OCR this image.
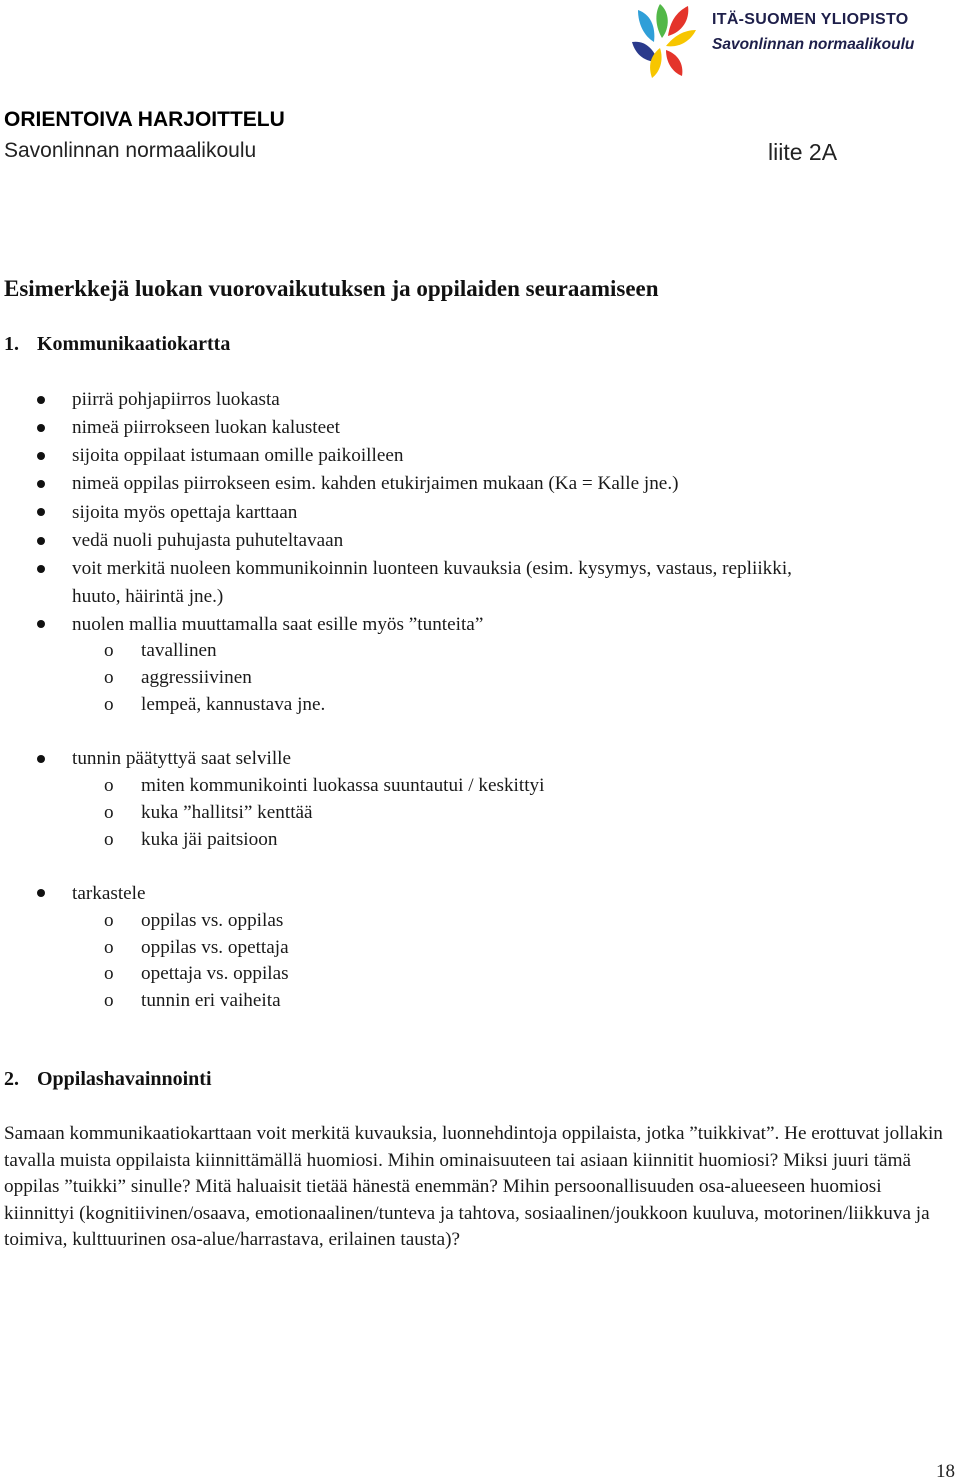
ITÄ-SUOMEN YLIOPISTO
Savonlinnan normaalikoulu
ORIENTOIVA HARJOITTELU
Savonlinnan normaalikoulu	liite 2A
Esimerkkejä luokan vuorovaikutuksen ja oppilaiden seuraamiseen
1. Kommunikaatiokartta
piirrä pohjapiirros luokasta
nimeä piirrokseen luokan kalusteet
sijoita oppilaat istumaan omille paikoilleen
nimeä oppilas piirrokseen esim. kahden etukirjaimen mukaan (Ka = Kalle jne.)
sijoita myös opettaja karttaan
vedä nuoli puhujasta puhuteltavaan
voit merkitä nuoleen kommunikoinnin luonteen kuvauksia (esim. kysymys, vastaus, repliikki,
huuto, häirintä jne.)
nuolen mallia muuttamalla saat esille myös ”tunteita”
o tavallinen
o aggressiivinen
o lempeä, kannustava jne.
tunnin päätyttyä saat selville
o miten kommunikointi luokassa suuntautui / keskittyi
o kuka ”hallitsi” kenttää
o kuka jäi paitsioon
tarkastele
o oppilas vs. oppilas
o oppilas vs. opettaja
o opettaja vs. oppilas
o tunnin eri vaiheita
2. Oppilashavainnointi
Samaan kommunikaatiokarttaan voit merkitä kuvauksia, luonnehdintoja oppilaista, jotka ”tuikkivat”. He erottuvat jollakin tavalla muista oppilaista kiinnittämällä huomiosi. Mihin ominaisuuteen tai asiaan kiinnitit huomiosi? Miksi juuri tämä oppilas ”tuikki” sinulle? Mitä haluaisit tietää hänestä enemmän? Mihin persoonallisuuden osa-alueeseen huomiosi kiinnittyi (kognitiivinen/osaava, emotionaalinen/tunteva ja tahtova, sosiaalinen/joukkoon kuuluva, motorinen/liikkuva ja toimiva, kulttuurinen osa-alue/harrastava, erilainen tausta)?
18
